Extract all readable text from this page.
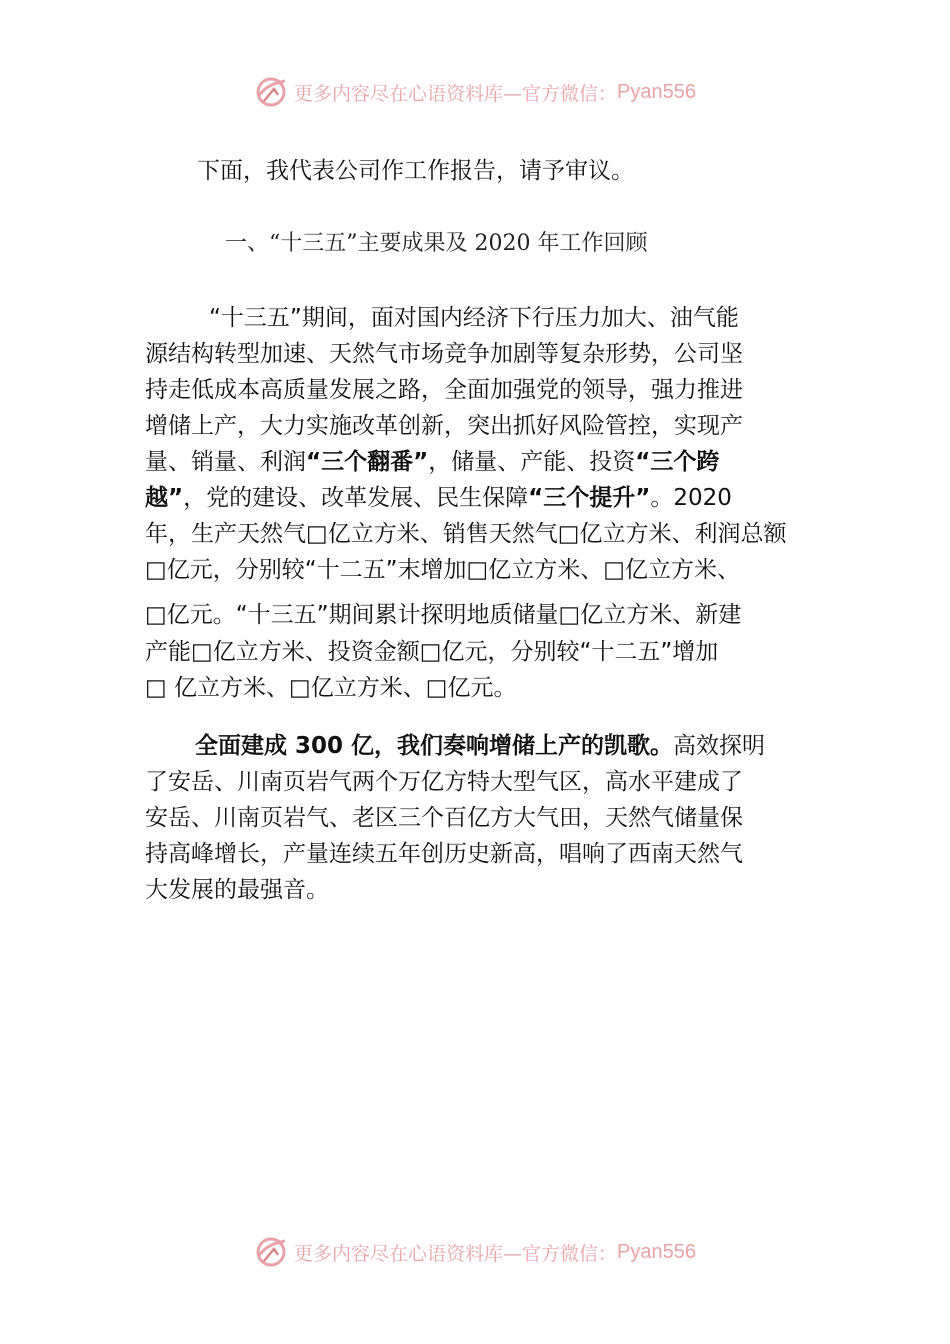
更多内容尽在心语资料库—官方微信： Pyan556
下面，我代表公司作工作报告，请予审议。
一、“十三五”主要成果及 2020 年工作回顾
“十三五”期间，面对国内经济下行压力加大、油气能
源结构转型加速、天然气市场竞争加剧等复杂形势，公司坚
持走低成本高质量发展之路，全面加强党的领导，强力推进
增储上产，大力实施改革创新，突出抓好风险管控，实现产
量、销量、利润“三个翻番”，储量、产能、投资“三个跨
越”，党的建设、改革发展、民生保障“三个提升”。2020
年，生产天然气□亿立方米、销售天然气□亿立方米、利润总额
□亿元，分别较“十二五”末增加□亿立方米、□亿立方米、
□亿元。“十三五”期间累计探明地质储量□亿立方米、新建
产能□亿立方米、投资金额□亿元，分别较“十二五”增加
□ 亿立方米、□亿立方米、□亿元。
全面建成 300 亿，我们奏响增储上产的凯歌。高效探明
了安岳、川南页岩气两个万亿方特大型气区，高水平建成了
安岳、川南页岩气、老区三个百亿方大气田，天然气储量保
持高峰增长，产量连续五年创历史新高，唱响了西南天然气
大发展的最强音。
更多内容尽在心语资料库—官方微信： Pyan556
